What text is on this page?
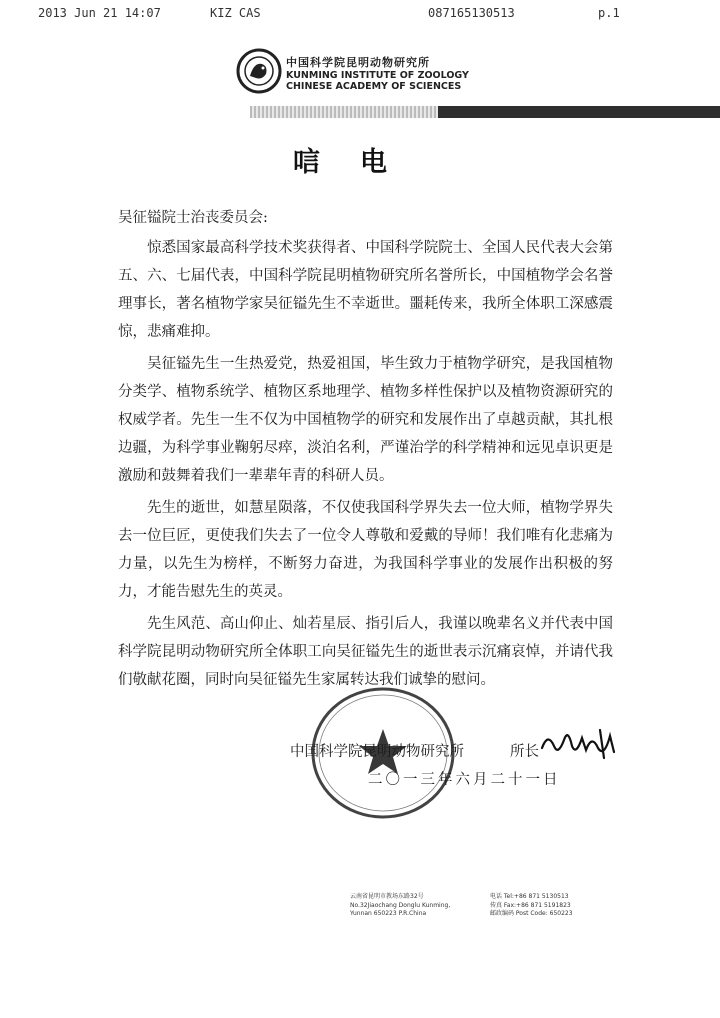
2013 Jun 21 14:07	KIZ CAS	087165130513	p.1
中国科学院昆明动物研究所
KUNMING INSTITUTE OF ZOOLOGY
CHINESE ACADEMY OF SCIENCES
唁电
吴征镒院士治丧委员会:

惊悉国家最高科学技术奖获得者、中国科学院院士、全国人民代表大会第五、六、七届代表，中国科学院昆明植物研究所名誉所长，中国植物学会名誉理事长，著名植物学家吴征镒先生不幸逝世。噩耗传来，我所全体职工深感震惊，悲痛难抑。

吴征镒先生一生热爱党，热爱祖国，毕生致力于植物学研究，是我国植物分类学、植物系统学、植物区系地理学、植物多样性保护以及植物资源研究的权威学者。先生一生不仅为中国植物学的研究和发展作出了卓越贡献，其扎根边疆，为科学事业鞠躬尽瘁，淡泊名利，严谨治学的科学精神和远见卓识更是激励和鼓舞着我们一辈辈年青的科研人员。

先生的逝世，如慧星陨落，不仅使我国科学界失去一位大师，植物学界失去一位巨匠，更使我们失去了一位令人尊敬和爱戴的导师！我们唯有化悲痛为力量，以先生为榜样，不断努力奋进，为我国科学事业的发展作出积极的努力，才能告慰先生的英灵。

先生风范、高山仰止、灿若星辰、指引后人，我谨以晚辈名义并代表中国科学院昆明动物研究所全体职工向吴征镒先生的逝世表示沉痛哀悼，并请代我们敬献花圈，同时向吴征镒先生家属转达我们诚挚的慰问。

中国科学院昆明动物研究所	所长
二〇一三年六月二十一日
云南省昆明市教场东路32号
No.32Jiaochang Donglu Kunming,
Yunnan 650223 P.R.China
电话 Tel:+86 871 5130513
传真 Fax:+86 871 5191823
邮政编码 Post Code: 650223
